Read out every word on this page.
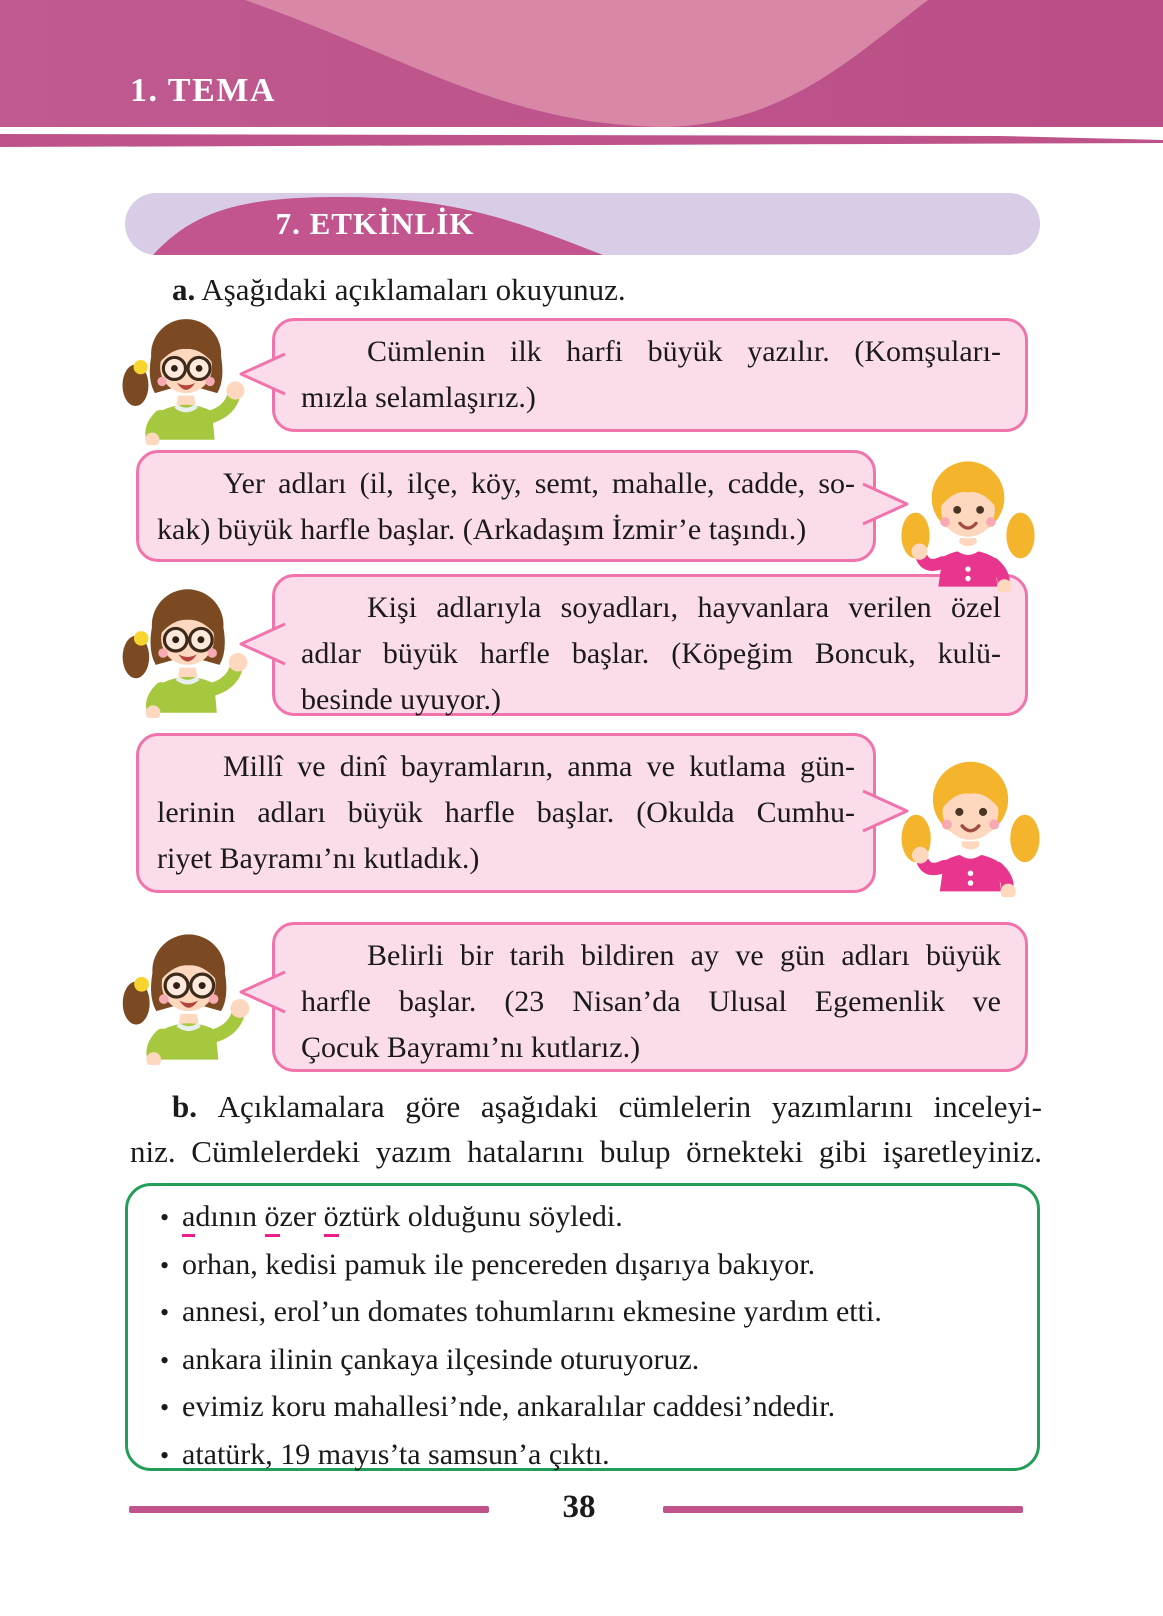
1. TEMA
7. ETKİNLİK
a. Aşağıdaki açıklamaları okuyunuz.
Cümlenin ilk harfi büyük yazılır. (Komşuları-
mızla selamlaşırız.)
Yer adları (il, ilçe, köy, semt, mahalle, cadde, so-
kak) büyük harfle başlar. (Arkadaşım İzmir’e taşındı.)
Kişi adlarıyla soyadları, hayvanlara verilen özel
adlar büyük harfle başlar. (Köpeğim Boncuk, kulü-
besinde uyuyor.)
Millî ve dinî bayramların, anma ve kutlama gün-
lerinin adları büyük harfle başlar. (Okulda Cumhu-
riyet Bayramı’nı kutladık.)
Belirli bir tarih bildiren ay ve gün adları büyük
harfle başlar. (23 Nisan’da Ulusal Egemenlik ve
Çocuk Bayramı’nı kutlarız.)
b. Açıklamalara göre aşağıdaki cümlelerin yazımlarını inceleyi-
niz. Cümlelerdeki yazım hatalarını bulup örnekteki gibi işaretleyiniz.
• adının özer öztürk olduğunu söyledi.
• orhan, kedisi pamuk ile pencereden dışarıya bakıyor.
• annesi, erol’un domates tohumlarını ekmesine yardım etti.
• ankara ilinin çankaya ilçesinde oturuyoruz.
• evimiz koru mahallesi’nde, ankaralılar caddesi’ndedir.
• atatürk, 19 mayıs’ta samsun’a çıktı.
38
